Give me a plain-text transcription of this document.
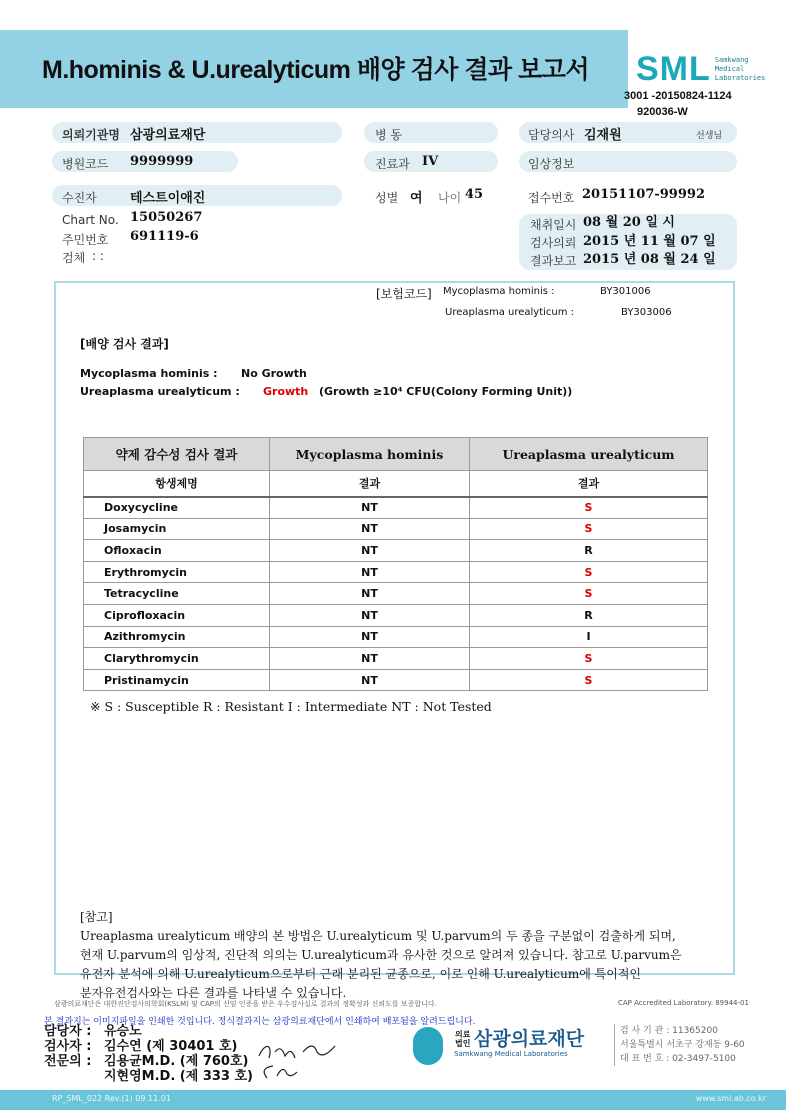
M.hominis & U.urealyticum 배양 검사 결과 보고서 SML Samkwang
Medical
Laboratories
3001 -20150824-1124
920036-W
의뢰기관명 삼광의료재단	병 동	담당의사 김재원	선생님
병원코드 9999999	진료과 IV	임상정보
수진자	테스트이애진	성별 여 나이 45	접수번호 20151107-99992
Chart No. 15050267
주민번호 691119-6
검체 : :
채취일시 08 월 20 일 시
검사의뢰 2015 년 11 월 07 일
결과보고 2015 년 08 월 24 일
[보험코드] Mycoplasma hominis :	BY301006
Ureaplasma urealyticum :	BY303006
[배양 검사 결과]
Mycoplasma hominis : No Growth
Ureaplasma urealyticum : Growth (Growth ≥10⁴ CFU(Colony Forming Unit))
약제 감수성 검사 결과	Mycoplasma hominis	Ureaplasma urealyticum
항생제명	결과	결과
Doxycycline	NT	S
Josamycin	NT	S
Ofloxacin	NT	R
Erythromycin	NT	S
Tetracycline	NT	S
Ciprofloxacin	NT	R
Azithromycin	NT	I
Clarythromycin	NT	S
Pristinamycin	NT	S
※ S : Susceptible R : Resistant I : Intermediate NT : Not Tested
[참고]
Ureaplasma urealyticum 배양의 본 방법은 U.urealyticum 및 U.parvum의 두 종을 구분없이 검출하게 되며,
현재 U.parvum의 임상적, 진단적 의의는 U.urealyticum과 유사한 것으로 알려져 있습니다. 참고로 U.parvum은
유전자 분석에 의해 U.urealyticum으로부터 근래 분리된 균종으로, 이로 인해 U.urealyticum에 특이적인
분자유전검사와는 다른 결과를 나타낼 수 있습니다.
삼광의료재단은 대한진단검사의학회(KSLM) 및 CAP의 신임 인증을 받은 우수검사실로 결과의 정확성과 신뢰도를 보증합니다.	CAP Accredited Laboratory. 89944-01
본 결과지는 이미지파일을 인쇄한 것입니다. 정식결과지는 삼광의료재단에서 인쇄하여 배포됨을 알려드립니다.
담당자 : 유승노
검사자 : 김수연 (제 30401 호)
전문의 : 김용균M.D. (제 760호)
지현영M.D. (제 333 호)
의료 법인 삼광의료재단
Samkwang Medical Laboratories
검 사 기 관 : 11365200
서울특별시 서초구 강재동 9-60
대 표 번 호 : 02-3497-5100
RP_SML_022 Rev.(1) 09.11.01	www.sml.ab.co.kr
